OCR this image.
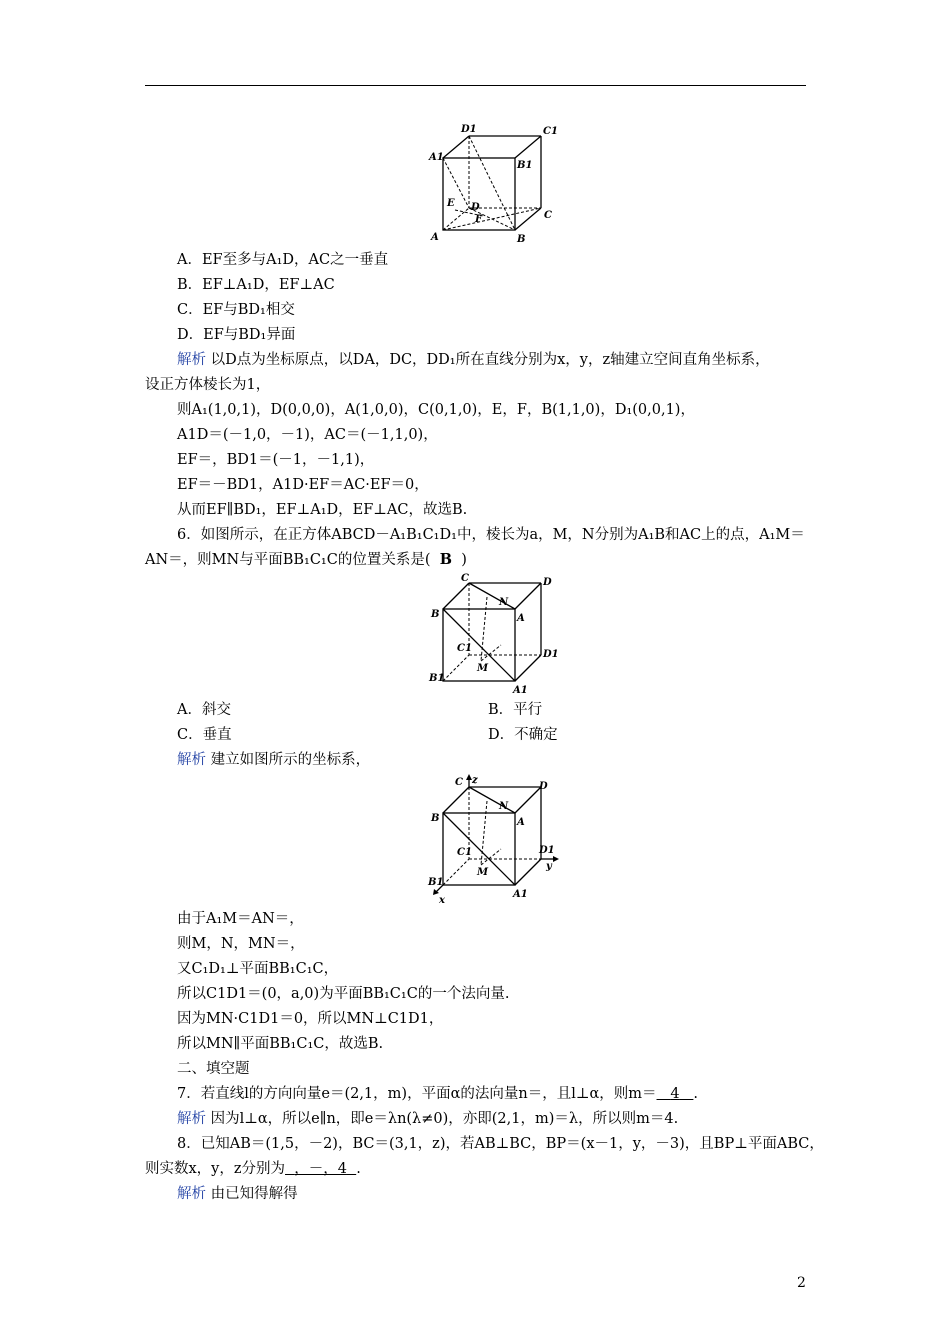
D1	C1
A1
B1
E D
F	C
A	B
A．EF至多与A₁D，AC之一垂直
B．EF⊥A₁D，EF⊥AC
C．EF与BD₁相交
D．EF与BD₁异面
解析 以D点为坐标原点，以DA，DC，DD₁所在直线分别为x，y，z轴建立空间直角坐标系，
设正方体棱长为1，
则A₁(1,0,1)，D(0,0,0)，A(1,0,0)，C(0,1,0)，E，F，B(1,1,0)，D₁(0,0,1)，
A1D＝(－1,0，－1)，AC＝(－1,1,0)，
EF＝，BD1＝(－1，－1,1)，
EF＝－BD1，A1D·EF＝AC·EF＝0，
从而EF∥BD₁，EF⊥A₁D，EF⊥AC，故选B.
6．如图所示，在正方体ABCD－A₁B₁C₁D₁中，棱长为a，M，N分别为A₁B和AC上的点，A₁M＝
AN＝，则MN与平面BB₁C₁C的位置关系是( B )
C	D
N
B	A
C1
M
D1
B1
A1
A．斜交	B．平行
C．垂直	D．不确定
解析 建立如图所示的坐标系，
z
C	D
N
B	A
C1
M
D1
y
B1
A1
x
由于A₁M＝AN＝，
则M，N，MN＝，
又C₁D₁⊥平面BB₁C₁C，
所以C1D1＝(0，a,0)为平面BB₁C₁C的一个法向量.
因为MN·C1D1＝0，所以MN⊥C1D1，
所以MN∥平面BB₁C₁C，故选B.
二、填空题
7．若直线l的方向向量e＝(2,1，m)，平面α的法向量n＝，且l⊥α，则m＝ 4 .
解析 因为l⊥α，所以e∥n，即e＝λn(λ≠0)，亦即(2,1，m)＝λ，所以则m＝4.
8．已知AB＝(1,5，－2)，BC＝(3,1，z)，若AB⊥BC，BP＝(x－1，y，－3)，且BP⊥平面ABC，
则实数x，y，z分别为 ，－，4 .
解析 由已知得解得
2
